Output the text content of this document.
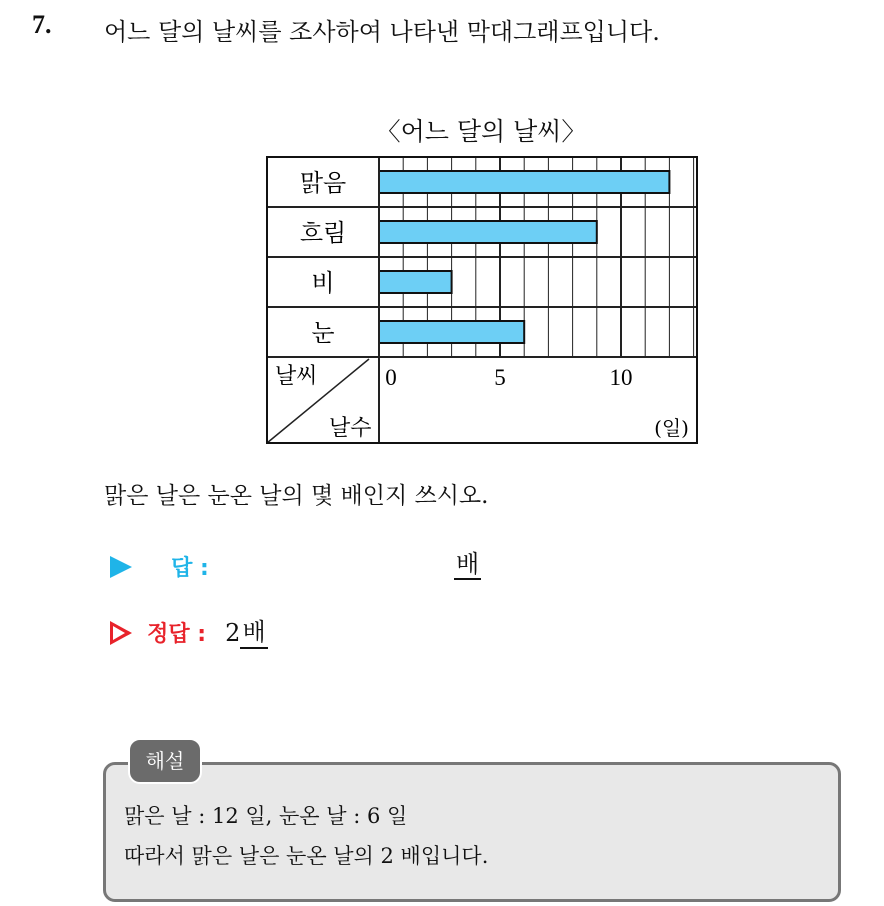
7. 어느 달의 날씨를 조사하여 나타낸 막대그래프입니다.
〈어느 달의 날씨〉
맑음
흐림
비
눈
날씨
날수
0	5	10
(일)
맑은 날은 눈온 날의 몇 배인지 쓰시오.
답 :	배
정답 : 2배
해설
맑은 날 : 12 일, 눈온 날 : 6 일
따라서 맑은 날은 눈온 날의 2 배입니다.
